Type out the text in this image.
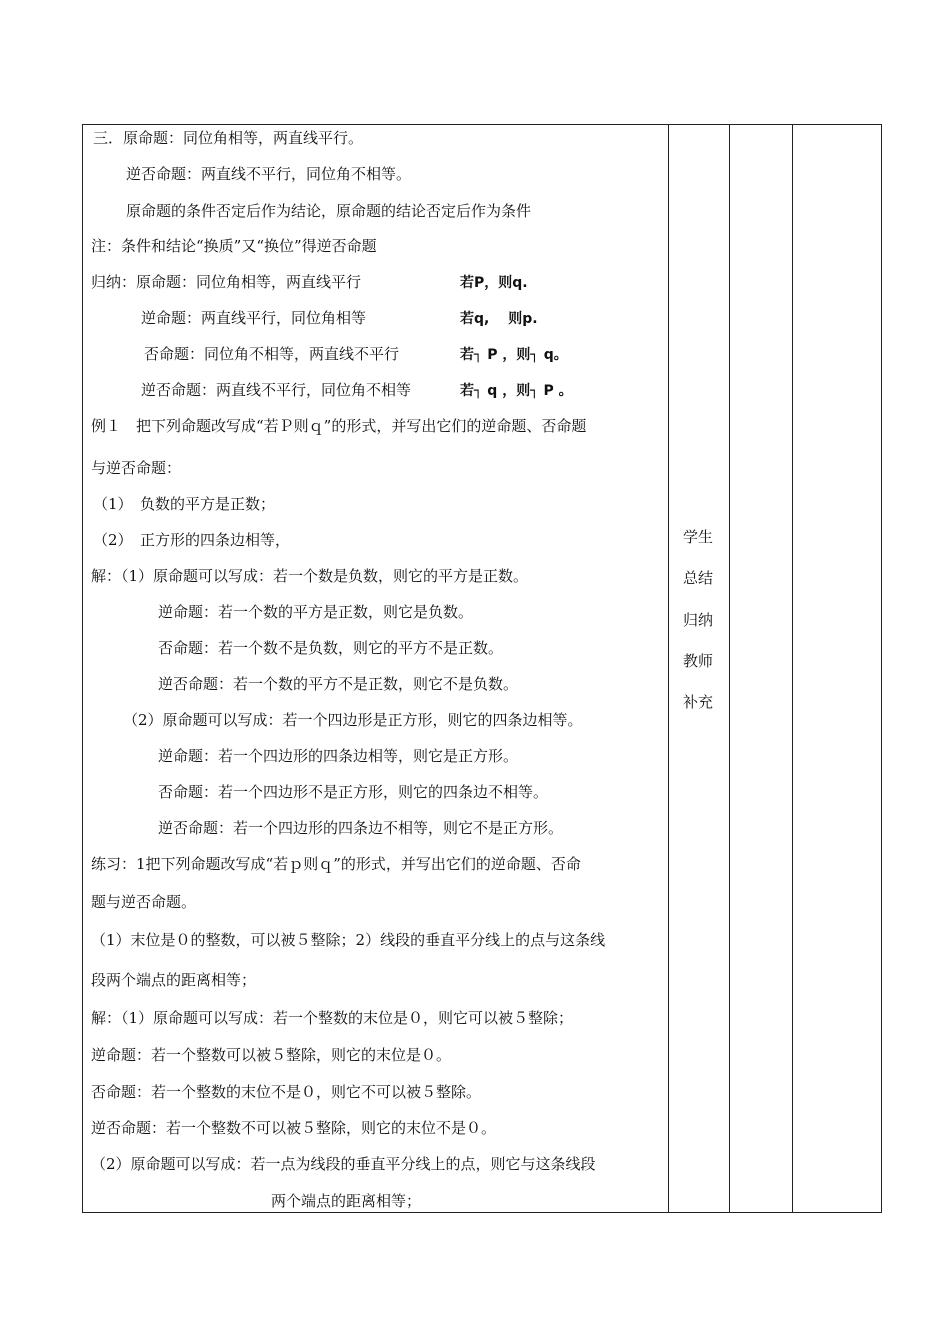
三．原命题：同位角相等，两直线平行。
逆否命题：两直线不平行，同位角不相等。
原命题的条件否定后作为结论，原命题的结论否定后作为条件
注：条件和结论“换质”又“换位”得逆否命题
归纳：原命题：同位角相等，两直线平行	若P，则q.
逆命题：两直线平行，同位角相等	若q,　 则p.
否命题：同位角不相等，两直线不平行	若┐ P ，则┐ q。
逆否命题：两直线不平行，同位角不相等	若┐ q ，则┐ P 。
例１　把下列命题改写成“若Ｐ则ｑ”的形式，并写出它们的逆命题、否命题
与逆否命题：
（1）　负数的平方是正数；
（2）　正方形的四条边相等，
解：（1）原命题可以写成：若一个数是负数，则它的平方是正数。
逆命题：若一个数的平方是正数，则它是负数。
否命题：若一个数不是负数，则它的平方不是正数。
逆否命题：若一个数的平方不是正数，则它不是负数。
（2）原命题可以写成：若一个四边形是正方形，则它的四条边相等。
逆命题：若一个四边形的四条边相等，则它是正方形。
否命题：若一个四边形不是正方形，则它的四条边不相等。
逆否命题：若一个四边形的四条边不相等，则它不是正方形。
练习：1把下列命题改写成“若ｐ则ｑ”的形式，并写出它们的逆命题、否命
题与逆否命题。
（1）末位是０的整数，可以被５整除；2）线段的垂直平分线上的点与这条线
段两个端点的距离相等；
解：（1）原命题可以写成：若一个整数的末位是０，则它可以被５整除；
逆命题：若一个整数可以被５整除，则它的末位是０。
否命题：若一个整数的末位不是０，则它不可以被５整除。
逆否命题：若一个整数不可以被５整除，则它的末位不是０。
（2）原命题可以写成：若一点为线段的垂直平分线上的点，则它与这条线段
两个端点的距离相等；
学生
总结
归纳
教师
补充
